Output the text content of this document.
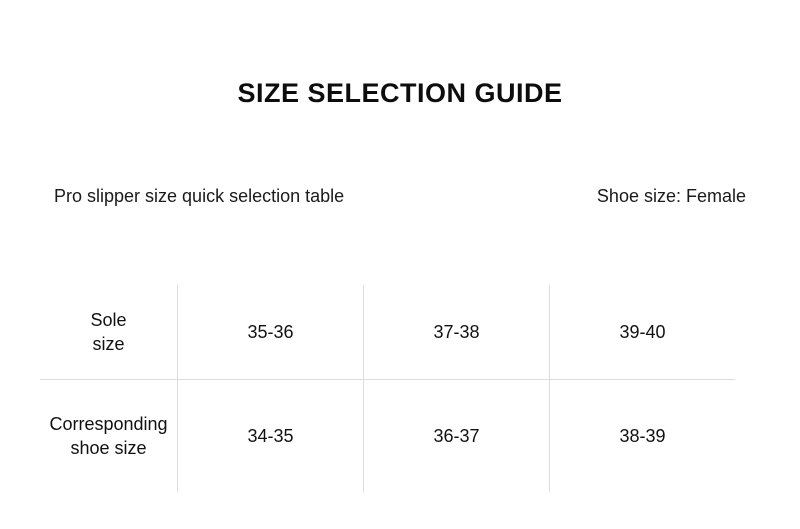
SIZE SELECTION GUIDE
Pro slipper size quick selection table	Shoe size: Female
Sole
size	35-36	37-38	39-40
Corresponding
shoe size	34-35	36-37	38-39
